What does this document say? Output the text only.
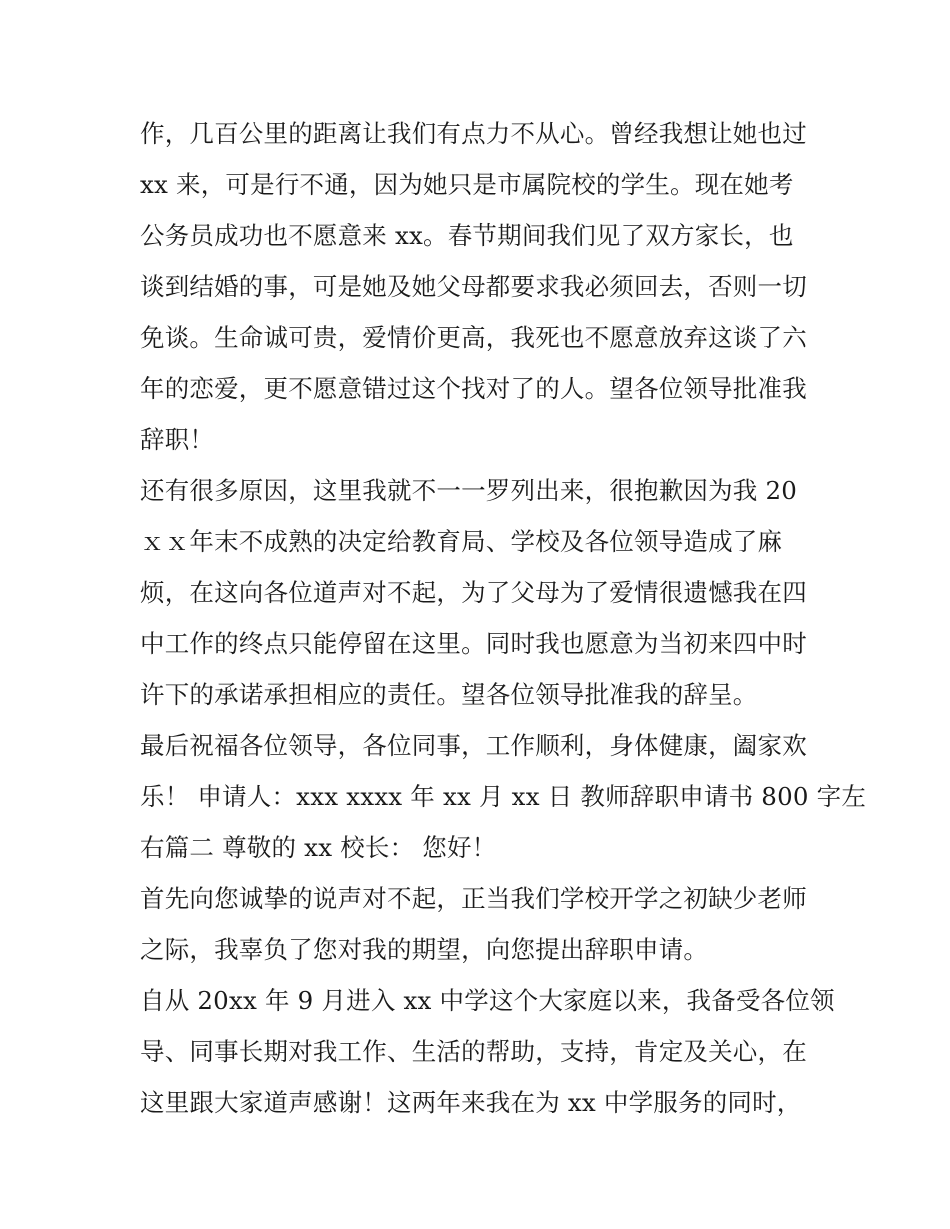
作，几百公里的距离让我们有点力不从心。曾经我想让她也过
xx 来，可是行不通，因为她只是市属院校的学生。现在她考
公务员成功也不愿意来 xx。春节期间我们见了双方家长，也
谈到结婚的事，可是她及她父母都要求我必须回去，否则一切
免谈。生命诚可贵，爱情价更高，我死也不愿意放弃这谈了六
年的恋爱，更不愿意错过这个找对了的人。望各位领导批准我
辞职！
还有很多原因，这里我就不一一罗列出来，很抱歉因为我 20
ｘｘ年末不成熟的决定给教育局、学校及各位领导造成了麻
烦，在这向各位道声对不起，为了父母为了爱情很遗憾我在四
中工作的终点只能停留在这里。同时我也愿意为当初来四中时
许下的承诺承担相应的责任。望各位领导批准我的辞呈。
最后祝福各位领导，各位同事，工作顺利，身体健康，阖家欢
乐！ 申请人：xxx xxxx 年 xx 月 xx 日 教师辞职申请书 800 字左
右篇二 尊敬的 xx 校长： 您好！
首先向您诚挚的说声对不起，正当我们学校开学之初缺少老师
之际，我辜负了您对我的期望，向您提出辞职申请。
自从 20xx 年 9 月进入 xx 中学这个大家庭以来，我备受各位领
导、同事长期对我工作、生活的帮助，支持，肯定及关心，在
这里跟大家道声感谢！这两年来我在为 xx 中学服务的同时，
